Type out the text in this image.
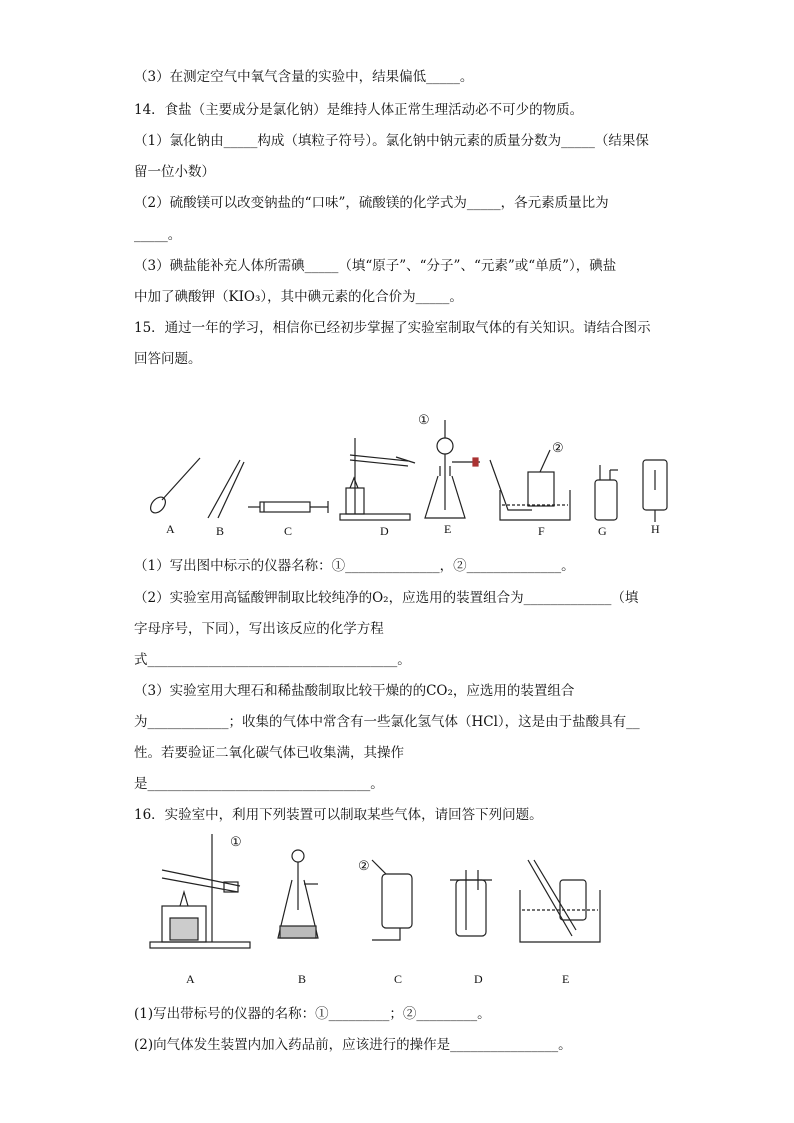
（3）在测定空气中氧气含量的实验中，结果偏低_____。
14．食盐（主要成分是氯化钠）是维持人体正常生理活动必不可少的物质。
（1）氯化钠由_____构成（填粒子符号）。氯化钠中钠元素的质量分数为_____（结果保
留一位小数）
（2）硫酸镁可以改变钠盐的“口味”，硫酸镁的化学式为_____，各元素质量比为
_____。
（3）碘盐能补充人体所需碘_____（填“原子”、“分子”、“元素”或“单质”），碘盐
中加了碘酸钾（KIO₃），其中碘元素的化合价为_____。
15．通过一年的学习，相信你已经初步掌握了实验室制取气体的有关知识。请结合图示
回答问题。
A	B	C	D	E	F	G	H
①
②
（1）写出图中标示的仪器名称：①______________，②______________。
（2）实验室用高锰酸钾制取比较纯净的O₂，应选用的装置组合为_____________（填
字母序号，下同），写出该反应的化学方程
式_____________________________________。
（3）实验室用大理石和稀盐酸制取比较干燥的的CO₂，应选用的装置组合
为____________；收集的气体中常含有一些氯化氢气体（HCl），这是由于盐酸具有__
性。若要验证二氧化碳气体已收集满，其操作
是_________________________________。
16．实验室中，利用下列装置可以制取某些气体，请回答下列问题。
A	B	C	D	E
①
②
(1)写出带标号的仪器的名称：①_________；②_________。
(2)向气体发生装置内加入药品前，应该进行的操作是________________。
